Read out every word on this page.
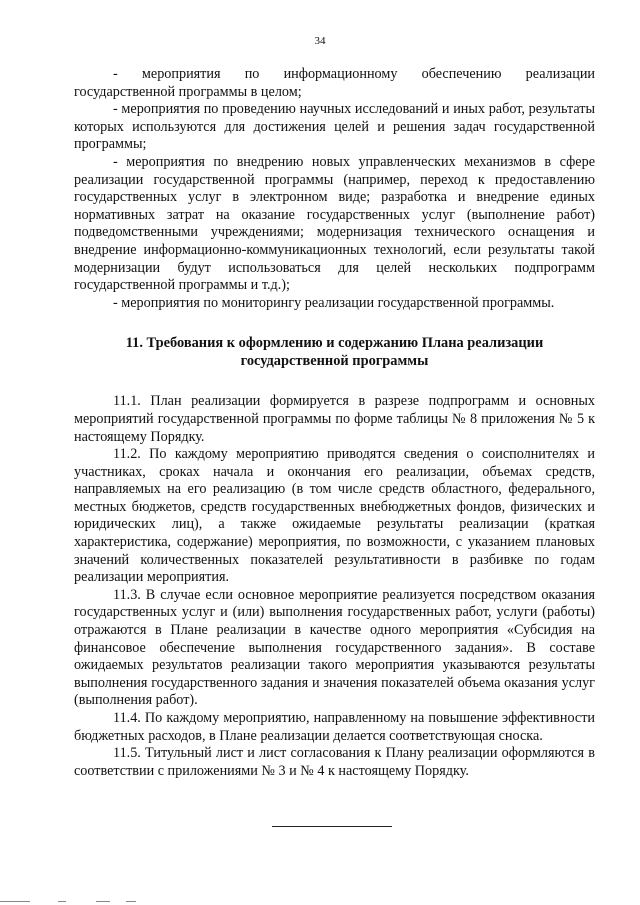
34

- мероприятия по информационному обеспечению реализации государственной программы в целом;

- мероприятия по проведению научных исследований и иных работ, результаты которых используются для достижения целей и решения задач государственной программы;

- мероприятия по внедрению новых управленческих механизмов в сфере реализации государственной программы (например, переход к предоставлению государственных услуг в электронном виде; разработка и внедрение единых нормативных затрат на оказание государственных услуг (выполнение работ) подведомственными учреждениями; модернизация технического оснащения и внедрение информационно-коммуникационных технологий, если результаты такой модернизации будут использоваться для целей нескольких подпрограмм государственной программы и т.д.);

- мероприятия по мониторингу реализации государственной программы.

11. Требования к оформлению и содержанию Плана реализации государственной программы

11.1. План реализации формируется в разрезе подпрограмм и основных мероприятий государственной программы по форме таблицы № 8 приложения № 5 к настоящему Порядку.

11.2. По каждому мероприятию приводятся сведения о соисполнителях и участниках, сроках начала и окончания его реализации, объемах средств, направляемых на его реализацию (в том числе средств областного, федерального, местных бюджетов, средств государственных внебюджетных фондов, физических и юридических лиц), а также ожидаемые результаты реализации (краткая характеристика, содержание) мероприятия, по возможности, с указанием плановых значений количественных показателей результативности в разбивке по годам реализации мероприятия.

11.3. В случае если основное мероприятие реализуется посредством оказания государственных услуг и (или) выполнения государственных работ, услуги (работы) отражаются в Плане реализации в качестве одного мероприятия «Субсидия на финансовое обеспечение выполнения государственного задания». В составе ожидаемых результатов реализации такого мероприятия указываются результаты выполнения государственного задания и значения показателей объема оказания услуг (выполнения работ).

11.4. По каждому мероприятию, направленному на повышение эффективности бюджетных расходов, в Плане реализации делается соответствующая сноска.

11.5. Титульный лист и лист согласования к Плану реализации оформляются в соответствии с приложениями № 3 и № 4 к настоящему Порядку.
